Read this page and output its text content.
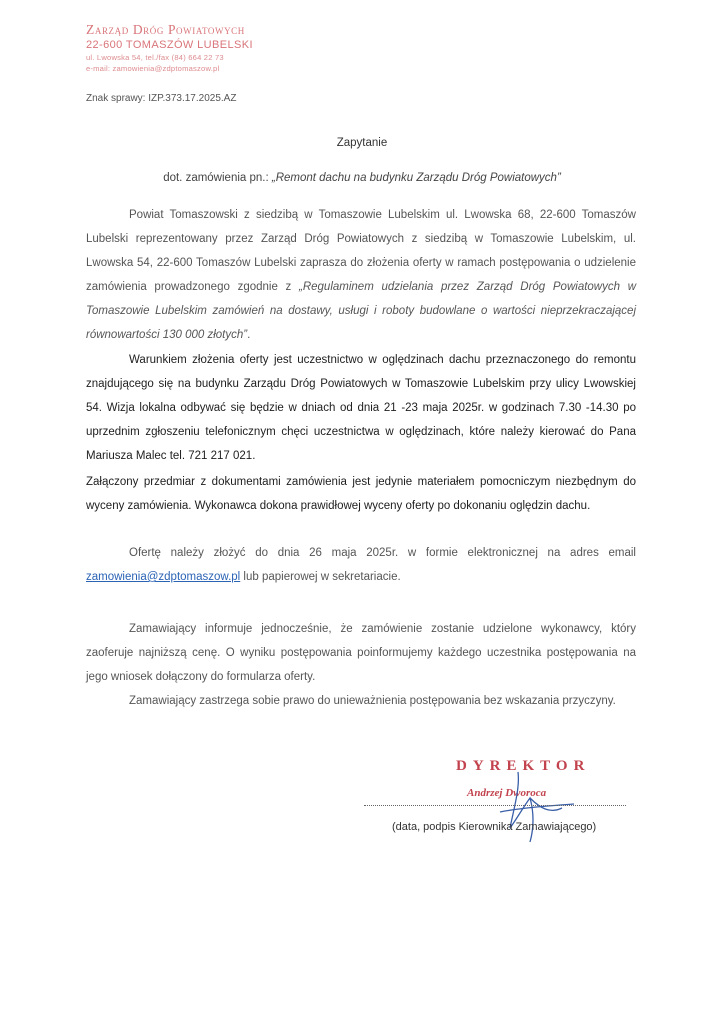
Zarząd Dróg Powiatowych
22-600 TOMASZÓW LUBELSKI
ul. Lwowska 54, tel./fax (84) 664 22 73
e-mail: zamowienia@zdptomaszow.pl
Znak sprawy: IZP.373.17.2025.AZ
Zapytanie
dot. zamówienia pn.: „Remont dachu na budynku Zarządu Dróg Powiatowych”
Powiat Tomaszowski z siedzibą w Tomaszowie Lubelskim ul. Lwowska 68, 22-600 Tomaszów Lubelski reprezentowany przez Zarząd Dróg Powiatowych z siedzibą w Tomaszowie Lubelskim, ul. Lwowska 54, 22-600 Tomaszów Lubelski zaprasza do złożenia oferty w ramach postępowania o udzielenie zamówienia prowadzonego zgodnie z „Regulaminem udzielania przez Zarząd Dróg Powiatowych w Tomaszowie Lubelskim zamówień na dostawy, usługi i roboty budowlane o wartości nieprzekraczającej równowartości 130 000 złotych”.
Warunkiem złożenia oferty jest uczestnictwo w oględzinach dachu przeznaczonego do remontu znajdującego się na budynku Zarządu Dróg Powiatowych w Tomaszowie Lubelskim przy ulicy Lwowskiej 54. Wizja lokalna odbywać się będzie w dniach od dnia 21 -23 maja 2025r. w godzinach 7.30 -14.30 po uprzednim zgłoszeniu telefonicznym chęci uczestnictwa w oględzinach, które należy kierować do Pana Mariusza Malec tel. 721 217 021.
Załączony przedmiar z dokumentami zamówienia jest jedynie materiałem pomocniczym niezbędnym do wyceny zamówienia. Wykonawca dokona prawidłowej wyceny oferty po dokonaniu oględzin dachu.
Ofertę należy złożyć do dnia 26 maja 2025r. w formie elektronicznej na adres email zamowienia@zdptomaszow.pl lub papierowej w sekretariacie.
Zamawiający informuje jednocześnie, że zamówienie zostanie udzielone wykonawcy, który zaoferuje najniższą cenę. O wyniku postępowania poinformujemy każdego uczestnika postępowania na jego wniosek dołączony do formularza oferty.
Zamawiający zastrzega sobie prawo do unieważnienia postępowania bez wskazania przyczyny.
DYREKTOR
Andrzej Dworoca
(data, podpis Kierownika Zamawiającego)
